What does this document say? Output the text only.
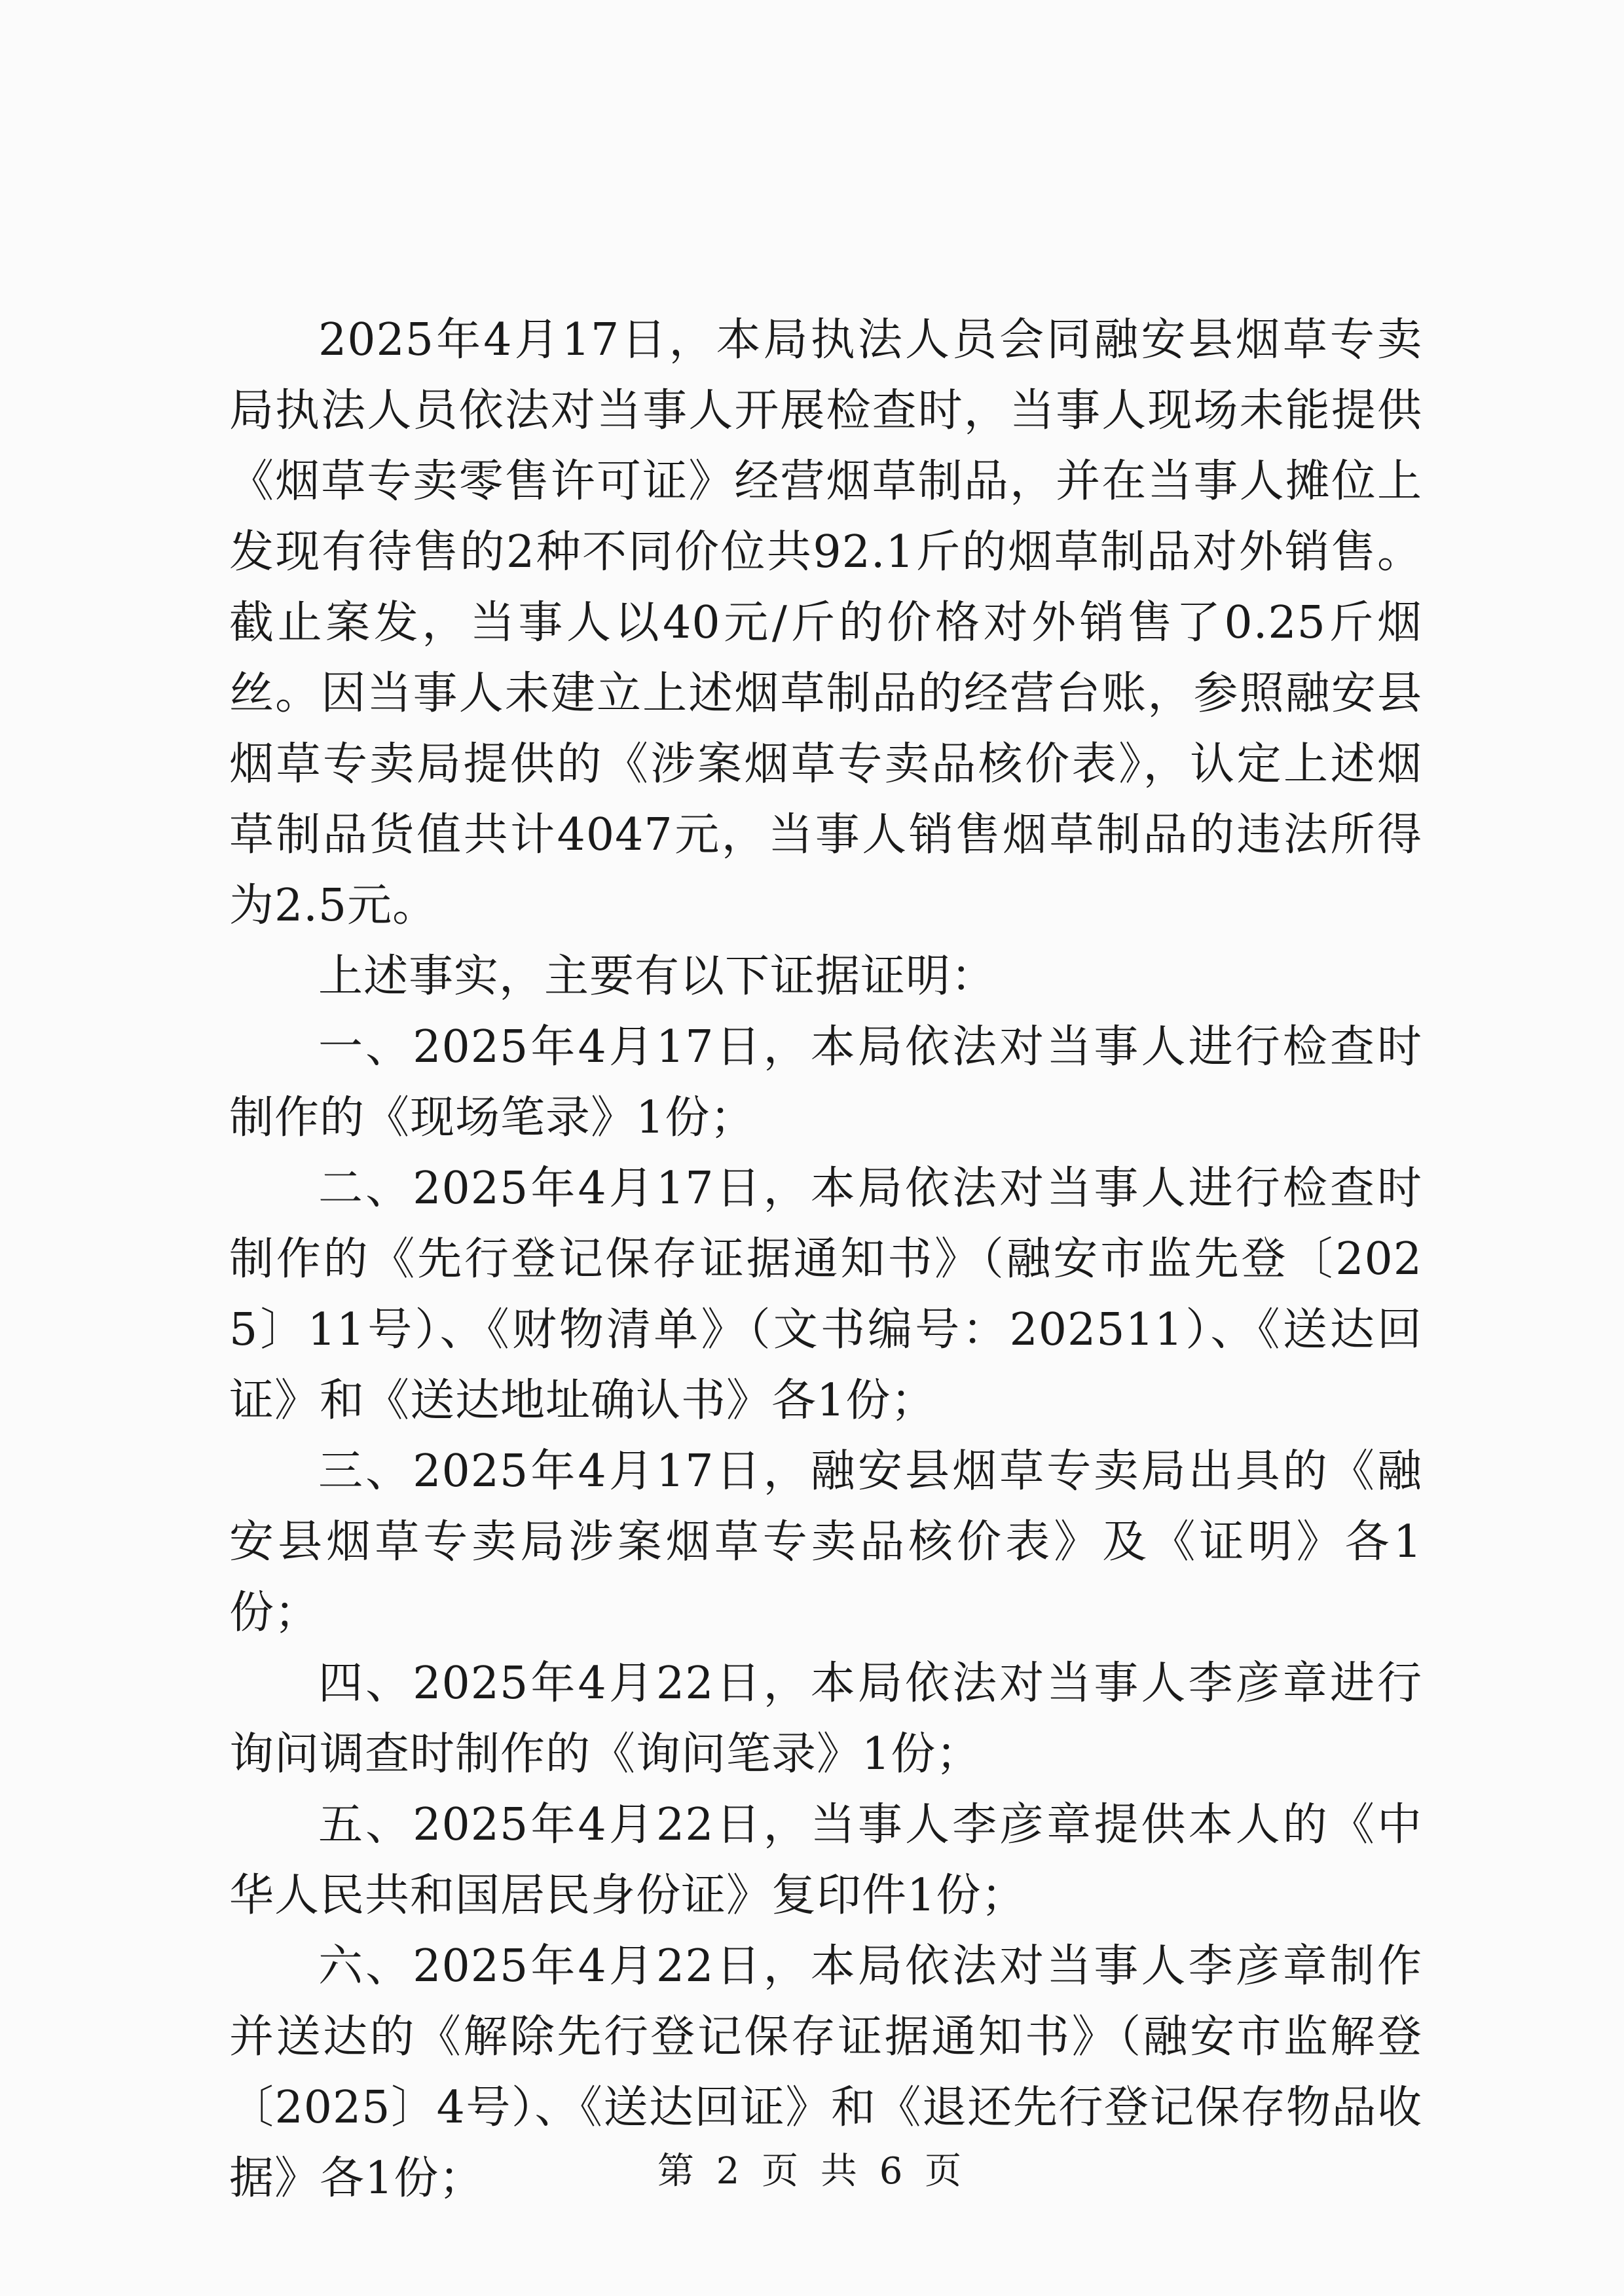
2025年4月17日，本局执法人员会同融安县烟草专卖局执法人员依法对当事人开展检查时，当事人现场未能提供《烟草专卖零售许可证》经营烟草制品，并在当事人摊位上发现有待售的2种不同价位共92.1斤的烟草制品对外销售。截止案发，当事人以40元/斤的价格对外销售了0.25斤烟丝。因当事人未建立上述烟草制品的经营台账，参照融安县烟草专卖局提供的《涉案烟草专卖品核价表》，认定上述烟草制品货值共计4047元，当事人销售烟草制品的违法所得为2.5元。

上述事实，主要有以下证据证明：

一、2025年4月17日，本局依法对当事人进行检查时制作的《现场笔录》1份；

二、2025年4月17日，本局依法对当事人进行检查时制作的《先行登记保存证据通知书》（融安市监先登〔2025〕11号）、《财物清单》（文书编号：202511）、《送达回证》和《送达地址确认书》各1份；

三、2025年4月17日，融安县烟草专卖局出具的《融安县烟草专卖局涉案烟草专卖品核价表》及《证明》各1份；

四、2025年4月22日，本局依法对当事人李彦章进行询问调查时制作的《询问笔录》1份；

五、2025年4月22日，当事人李彦章提供本人的《中华人民共和国居民身份证》复印件1份；

六、2025年4月22日，本局依法对当事人李彦章制作并送达的《解除先行登记保存证据通知书》（融安市监解登〔2025〕4号）、《送达回证》和《退还先行登记保存物品收据》各1份；	第 2 页 共 6 页
